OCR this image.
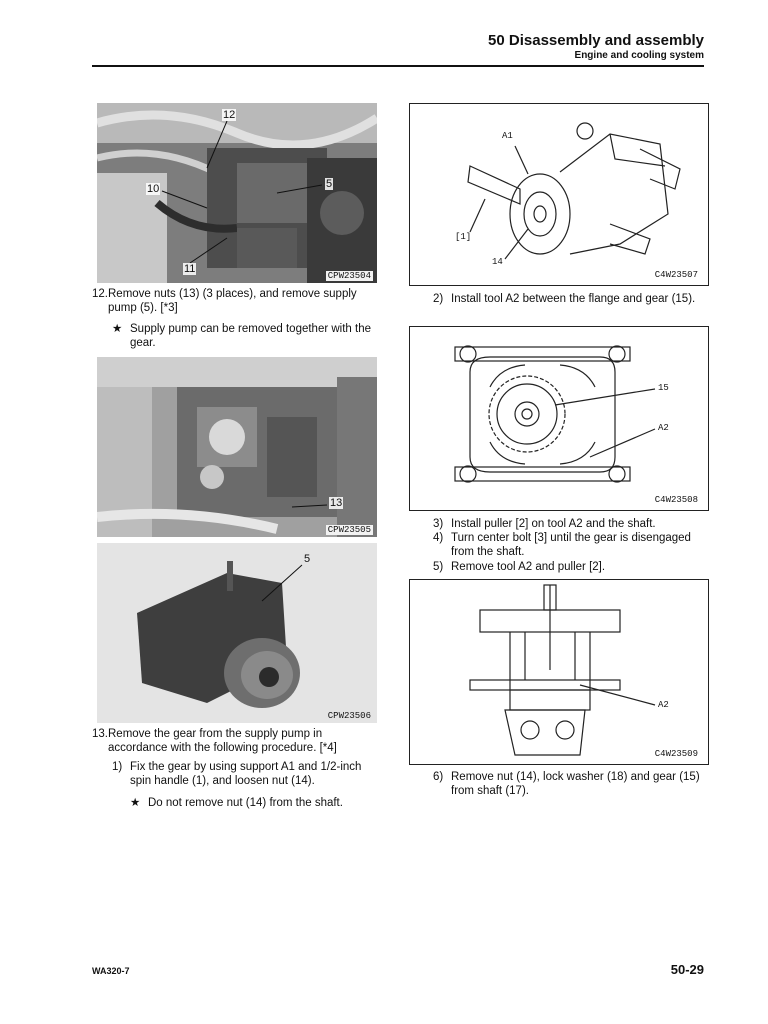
50 Disassembly and assembly
Engine and cooling system
12
10	5
11
CPW23504
12. Remove nuts (13) (3 places), and remove supply pump (5). [*3]
★ Supply pump can be removed together with the gear.
13
CPW23505
5
CPW23506
13. Remove the gear from the supply pump in accordance with the following procedure. [*4]
1) Fix the gear by using support A1 and 1/2-inch spin handle (1), and loosen nut (14).
★ Do not remove nut (14) from the shaft.
A1
[1]
14
C4W23507
2) Install tool A2 between the flange and gear (15).
15
A2
C4W23508
3) Install puller [2] on tool A2 and the shaft.
4) Turn center bolt [3] until the gear is disengaged from the shaft.
5) Remove tool A2 and puller [2].
A2
C4W23509
6) Remove nut (14), lock washer (18) and gear (15) from shaft (17).
WA320-7	50-29
